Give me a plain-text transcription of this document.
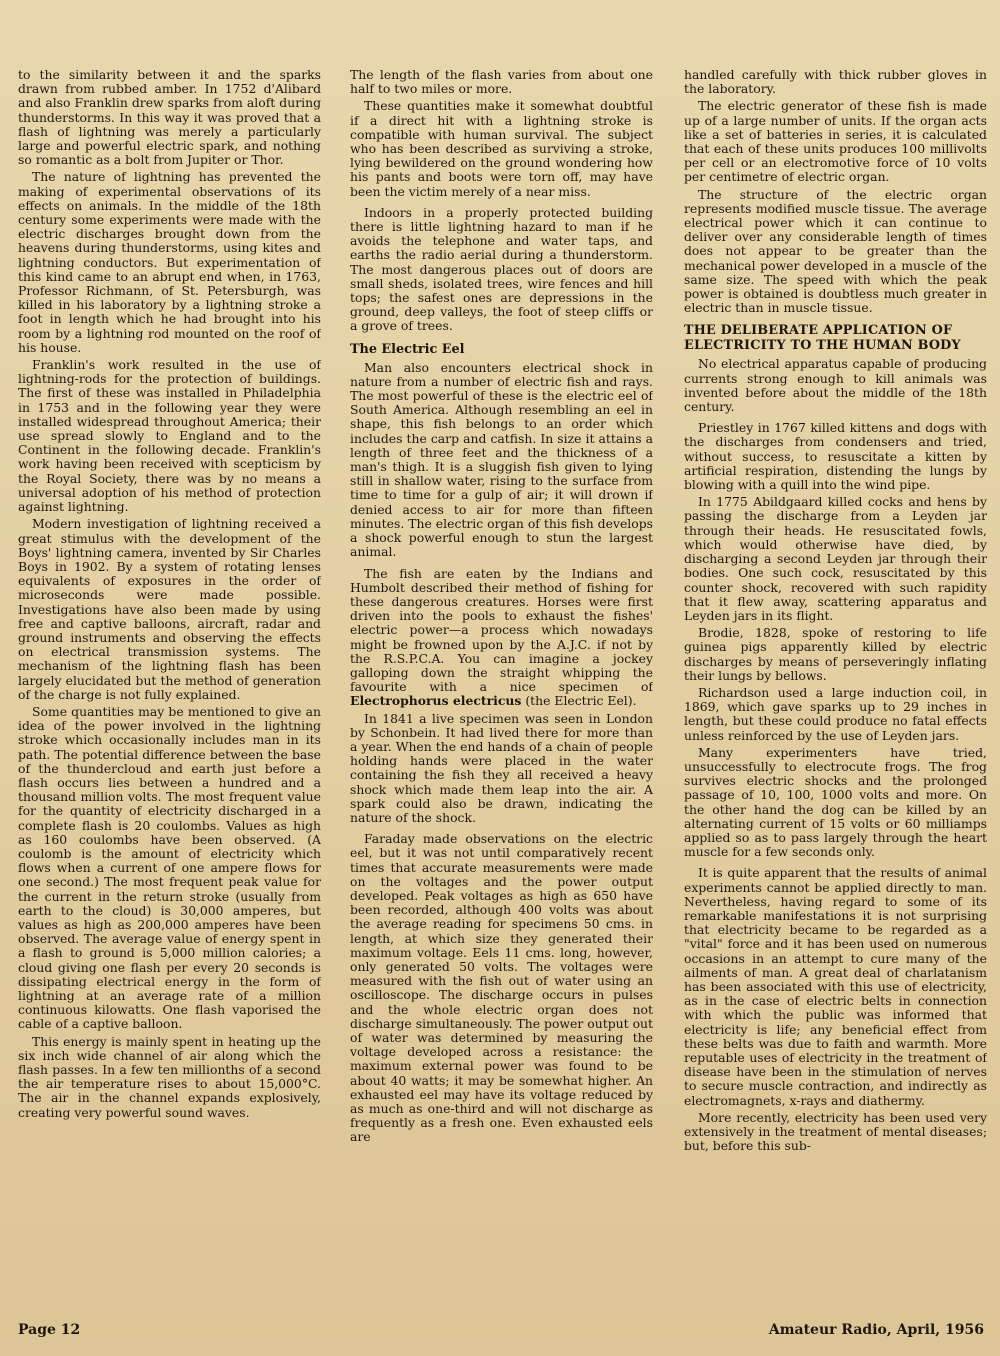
to the similarity between it and the sparks drawn from rubbed amber. In 1752 d'Alibard and also Franklin drew sparks from aloft during thunderstorms. In this way it was proved that a flash of lightning was merely a particularly large and powerful electric spark, and nothing so romantic as a bolt from Jupiter or Thor.

The nature of lightning has prevented the making of experimental observations of its effects on animals. In the middle of the 18th century some experiments were made with the electric discharges brought down from the heavens during thunderstorms, using kites and lightning conductors. But experimentation of this kind came to an abrupt end when, in 1763, Professor Richmann, of St. Petersburgh, was killed in his laboratory by a lightning stroke a foot in length which he had brought into his room by a lightning rod mounted on the roof of his house.

Franklin's work resulted in the use of lightning-rods for the protection of buildings. The first of these was installed in Philadelphia in 1753 and in the following year they were installed widespread throughout America; their use spread slowly to England and to the Continent in the following decade. Franklin's work having been received with scepticism by the Royal Society, there was by no means a universal adoption of his method of protection against lightning.

Modern investigation of lightning received a great stimulus with the development of the Boys' lightning camera, invented by Sir Charles Boys in 1902. By a system of rotating lenses equivalents of exposures in the order of microseconds were made possible. Investigations have also been made by using free and captive balloons, aircraft, radar and ground instruments and observing the effects on electrical transmission systems. The mechanism of the lightning flash has been largely elucidated but the method of generation of the charge is not fully explained.

Some quantities may be mentioned to give an idea of the power involved in the lightning stroke which occasionally includes man in its path. The potential difference between the base of the thundercloud and earth just before a flash occurs lies between a hundred and a thousand million volts. The most frequent value for the quantity of electricity discharged in a complete flash is 20 coulombs. Values as high as 160 coulombs have been observed. (A coulomb is the amount of electricity which flows when a current of one ampere flows for one second.) The most frequent peak value for the current in the return stroke (usually from earth to the cloud) is 30,000 amperes, but values as high as 200,000 amperes have been observed. The average value of energy spent in a flash to ground is 5,000 million calories; a cloud giving one flash per every 20 seconds is dissipating electrical energy in the form of lightning at an average rate of a million continuous kilowatts. One flash vaporised the cable of a captive balloon.

This energy is mainly spent in heating up the six inch wide channel of air along which the flash passes. In a few ten millionths of a second the air temperature rises to about 15,000°C. The air in the channel expands explosively, creating very powerful sound waves.

The length of the flash varies from about one half to two miles or more.

These quantities make it somewhat doubtful if a direct hit with a lightning stroke is compatible with human survival. The subject who has been described as surviving a stroke, lying bewildered on the ground wondering how his pants and boots were torn off, may have been the victim merely of a near miss.

Indoors in a properly protected building there is little lightning hazard to man if he avoids the telephone and water taps, and earths the radio aerial during a thunderstorm. The most dangerous places out of doors are small sheds, isolated trees, wire fences and hill tops; the safest ones are depressions in the ground, deep valleys, the foot of steep cliffs or a grove of trees.

The Electric Eel

Man also encounters electrical shock in nature from a number of electric fish and rays. The most powerful of these is the electric eel of South America. Although resembling an eel in shape, this fish belongs to an order which includes the carp and catfish. In size it attains a length of three feet and the thickness of a man's thigh. It is a sluggish fish given to lying still in shallow water, rising to the surface from time to time for a gulp of air; it will drown if denied access to air for more than fifteen minutes. The electric organ of this fish develops a shock powerful enough to stun the largest animal.

The fish are eaten by the Indians and Humbolt described their method of fishing for these dangerous creatures. Horses were first driven into the pools to exhaust the fishes' electric power—a process which nowadays might be frowned upon by the A.J.C. if not by the R.S.P.C.A. You can imagine a jockey galloping down the straight whipping the favourite with a nice specimen of Electrophorus electricus (the Electric Eel).

In 1841 a live specimen was seen in London by Schonbein. It had lived there for more than a year. When the end hands of a chain of people holding hands were placed in the water containing the fish they all received a heavy shock which made them leap into the air. A spark could also be drawn, indicating the nature of the shock.

Faraday made observations on the electric eel, but it was not until comparatively recent times that accurate measurements were made on the voltages and the power output developed. Peak voltages as high as 650 have been recorded, although 400 volts was about the average reading for specimens 50 cms. in length, at which size they generated their maximum voltage. Eels 11 cms. long, however, only generated 50 volts. The voltages were measured with the fish out of water using an oscilloscope. The discharge occurs in pulses and the whole electric organ does not discharge simultaneously. The power output out of water was determined by measuring the voltage developed across a resistance: the maximum external power was found to be about 40 watts; it may be somewhat higher. An exhausted eel may have its voltage reduced by as much as one-third and will not discharge as frequently as a fresh one. Even exhausted eels are

handled carefully with thick rubber gloves in the laboratory.

The electric generator of these fish is made up of a large number of units. If the organ acts like a set of batteries in series, it is calculated that each of these units produces 100 millivolts per cell or an electromotive force of 10 volts per centimetre of electric organ.

The structure of the electric organ represents modified muscle tissue. The average electrical power which it can continue to deliver over any considerable length of times does not appear to be greater than the mechanical power developed in a muscle of the same size. The speed with which the peak power is obtained is doubtless much greater in electric than in muscle tissue.

THE DELIBERATE APPLICATION OF ELECTRICITY TO THE HUMAN BODY

No electrical apparatus capable of producing currents strong enough to kill animals was invented before about the middle of the 18th century.

Priestley in 1767 killed kittens and dogs with the discharges from condensers and tried, without success, to resuscitate a kitten by artificial respiration, distending the lungs by blowing with a quill into the wind pipe.

In 1775 Abildgaard killed cocks and hens by passing the discharge from a Leyden jar through their heads. He resuscitated fowls, which would otherwise have died, by discharging a second Leyden jar through their bodies. One such cock, resuscitated by this counter shock, recovered with such rapidity that it flew away, scattering apparatus and Leyden jars in its flight.

Brodie, 1828, spoke of restoring to life guinea pigs apparently killed by electric discharges by means of perseveringly inflating their lungs by bellows.

Richardson used a large induction coil, in 1869, which gave sparks up to 29 inches in length, but these could produce no fatal effects unless reinforced by the use of Leyden jars.

Many experimenters have tried, unsuccessfully to electrocute frogs. The frog survives electric shocks and the prolonged passage of 10, 100, 1000 volts and more. On the other hand the dog can be killed by an alternating current of 15 volts or 60 milliamps applied so as to pass largely through the heart muscle for a few seconds only.

It is quite apparent that the results of animal experiments cannot be applied directly to man. Nevertheless, having regard to some of its remarkable manifestations it is not surprising that electricity became to be regarded as a "vital" force and it has been used on numerous occasions in an attempt to cure many of the ailments of man. A great deal of charlatanism has been associated with this use of electricity, as in the case of electric belts in connection with which the public was informed that electricity is life; any beneficial effect from these belts was due to faith and warmth. More reputable uses of electricity in the treatment of disease have been in the stimulation of nerves to secure muscle contraction, and indirectly as electromagnets, x-rays and diathermy.

More recently, electricity has been used very extensively in the treatment of mental diseases; but, before this sub-

Page 12	Amateur Radio, April, 1956
